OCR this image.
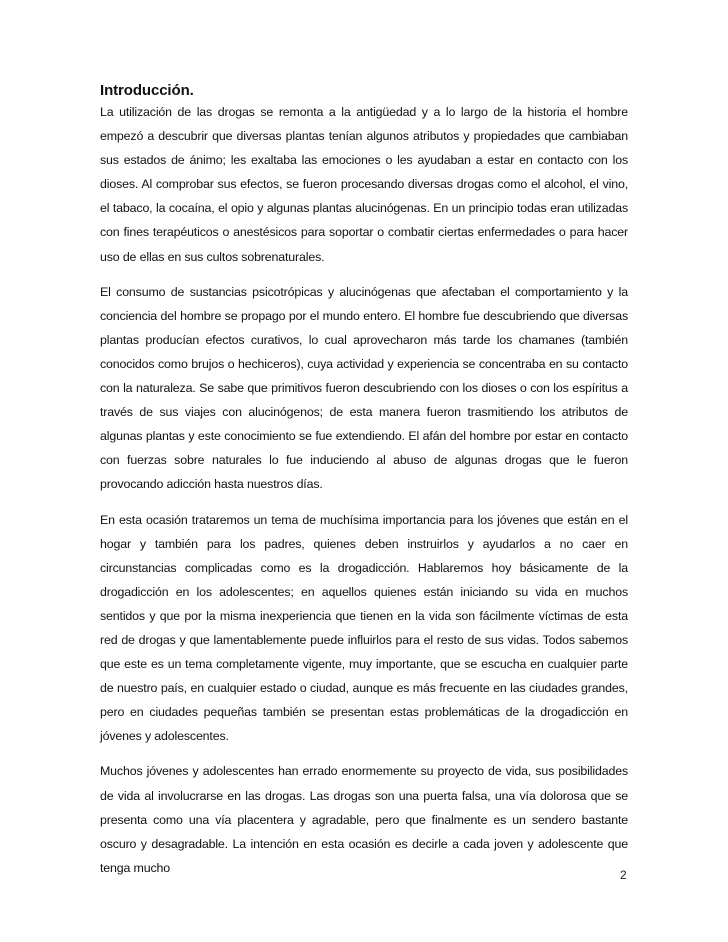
Introducción.

La utilización de las drogas se remonta a la antigüedad y a lo largo de la historia el hombre empezó a descubrir que diversas plantas tenían algunos atributos y propiedades que cambiaban sus estados de ánimo; les exaltaba las emociones o les ayudaban a estar en contacto con los dioses. Al comprobar sus efectos, se fueron procesando diversas drogas como el alcohol, el vino, el tabaco, la cocaína, el opio y algunas plantas alucinógenas. En un principio todas eran utilizadas con fines terapéuticos o anestésicos para soportar o combatir ciertas enfermedades o para hacer uso de ellas en sus cultos sobrenaturales.

El consumo de sustancias psicotrópicas y alucinógenas que afectaban el comportamiento y la conciencia del hombre se propago por el mundo entero. El hombre fue descubriendo que diversas plantas producían efectos curativos, lo cual aprovecharon más tarde los chamanes (también conocidos como brujos o hechiceros), cuya actividad y experiencia se concentraba en su contacto con la naturaleza. Se sabe que primitivos fueron descubriendo con los dioses o con los espíritus a través de sus viajes con alucinógenos; de esta manera fueron trasmitiendo los atributos de algunas plantas y este conocimiento se fue extendiendo. El afán del hombre por estar en contacto con fuerzas sobre naturales lo fue induciendo al abuso de algunas drogas que le fueron provocando adicción hasta nuestros días.

En esta ocasión trataremos un tema de muchísima importancia para los jóvenes que están en el hogar y también para los padres, quienes deben instruirlos y ayudarlos a no caer en circunstancias complicadas como es la drogadicción. Hablaremos hoy básicamente de la drogadicción en los adolescentes; en aquellos quienes están iniciando su vida en muchos sentidos y que por la misma inexperiencia que tienen en la vida son fácilmente víctimas de esta red de drogas y que lamentablemente puede influirlos para el resto de sus vidas. Todos sabemos que este es un tema completamente vigente, muy importante, que se escucha en cualquier parte de nuestro país, en cualquier estado o ciudad, aunque es más frecuente en las ciudades grandes, pero en ciudades pequeñas también se presentan estas problemáticas de la drogadicción en jóvenes y adolescentes.

Muchos jóvenes y adolescentes han errado enormemente su proyecto de vida, sus posibilidades de vida al involucrarse en las drogas. Las drogas son una puerta falsa, una vía dolorosa que se presenta como una vía placentera y agradable, pero que finalmente es un sendero bastante oscuro y desagradable. La intención en esta ocasión es decirle a cada joven y adolescente que tenga mucho

2
